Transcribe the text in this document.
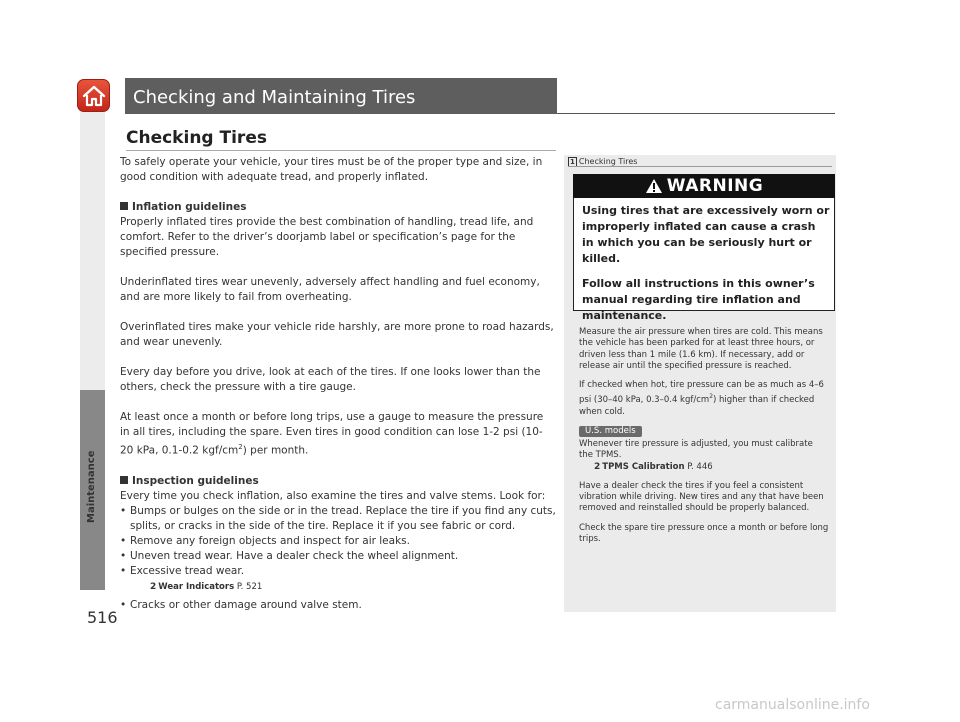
Maintenance
516
Checking and Maintaining Tires
Checking Tires

To safely operate your vehicle, your tires must be of the proper type and size, in good condition with adequate tread, and properly inflated.

Inflation guidelines

Properly inflated tires provide the best combination of handling, tread life, and comfort. Refer to the driver’s doorjamb label or specification’s page for the specified pressure.

Underinflated tires wear unevenly, adversely affect handling and fuel economy, and are more likely to fail from overheating.

Overinflated tires make your vehicle ride harshly, are more prone to road hazards, and wear unevenly.

Every day before you drive, look at each of the tires. If one looks lower than the others, check the pressure with a tire gauge.

At least once a month or before long trips, use a gauge to measure the pressure in all tires, including the spare. Even tires in good condition can lose 1-2 psi (10-20 kPa, 0.1-0.2 kgf/$cm^2$) per month.

Inspection guidelines

Every time you check inflation, also examine the tires and valve stems. Look for:

• Bumps or bulges on the side or in the tread. Replace the tire if you find any cuts, splits, or cracks in the side of the tire. Replace it if you see fabric or cord.
• Remove any foreign objects and inspect for air leaks.
• Uneven tread wear. Have a dealer check the wheel alignment.
• Excessive tread wear.
2 Wear Indicators P. 521
• Cracks or other damage around valve stem.
1 Checking Tires
WARNING

Using tires that are excessively worn or improperly inflated can cause a crash in which you can be seriously hurt or killed.

Follow all instructions in this owner’s manual regarding tire inflation and maintenance.

Measure the air pressure when tires are cold. This means the vehicle has been parked for at least three hours, or driven less than 1 mile (1.6 km). If necessary, add or release air until the specified pressure is reached.

If checked when hot, tire pressure can be as much as 4–6 psi (30–40 kPa, 0.3–0.4 kgf/$cm^2$) higher than if checked when cold.

U.S. models

Whenever tire pressure is adjusted, you must calibrate the TPMS.

2 TPMS Calibration P. 446

Have a dealer check the tires if you feel a consistent vibration while driving. New tires and any that have been removed and reinstalled should be properly balanced.

Check the spare tire pressure once a month or before long trips.

carmanualsonline.info
